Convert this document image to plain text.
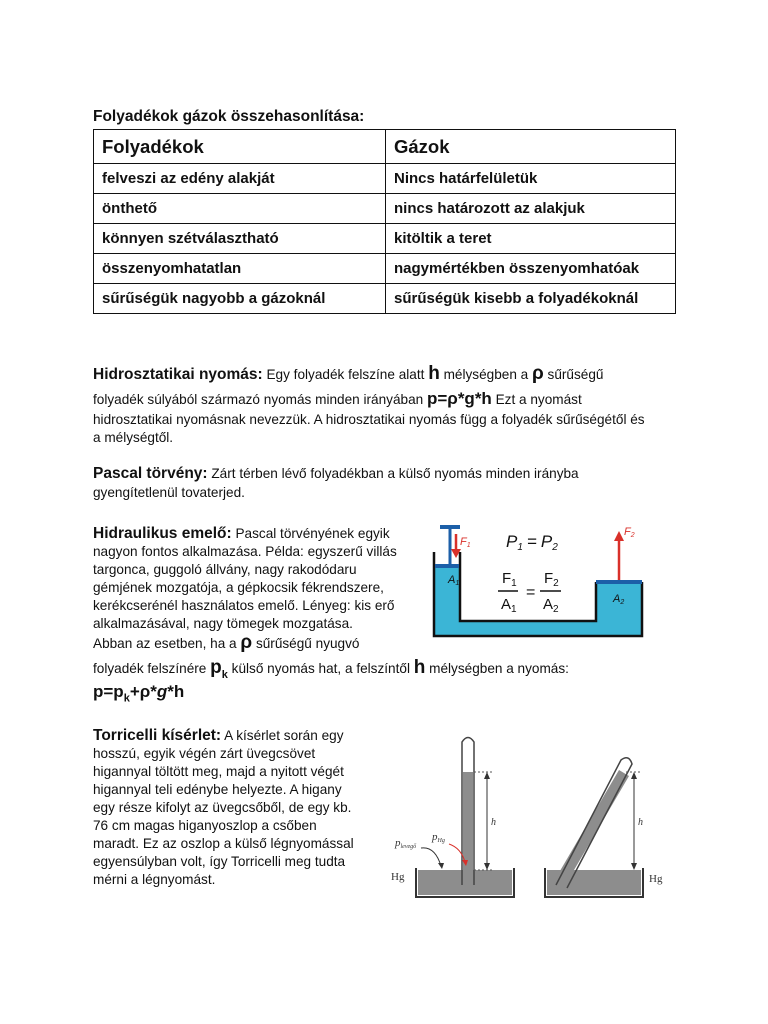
Folyadékok gázok összehasonlítása:
Folyadékok	Gázok
felveszi az edény alakját	Nincs határfelületük
önthető	nincs határozott az alakjuk
könnyen szétválasztható	kitöltik a teret
összenyomhatatlan	nagymértékben összenyomhatóak
sűrűségük nagyobb a gázoknál	sűrűségük kisebb a folyadékoknál
Hidrosztatikai nyomás: Egy folyadék felszíne alatt h mélységben a ρ sűrűségű
folyadék súlyából származó nyomás minden irányában p=ρ*g*h Ezt a nyomást
hidrosztatikai nyomásnak nevezzük. A hidrosztatikai nyomás függ a folyadék sűrűségétől és
a mélységtől.
Pascal törvény: Zárt térben lévő folyadékban a külső nyomás minden irányba
gyengítetlenül tovaterjed.
Hidraulikus emelő: Pascal törvényének egyik
nagyon fontos alkalmazása. Példa: egyszerű villás
targonca, guggoló állvány, nagy rakodódaru
gémjének mozgatója, a gépkocsik fékrendszere,
kerékcserénél használatos emelő. Lényeg: kis erő
alkalmazásával, nagy tömegek mozgatása.
Abban az esetben, ha a ρ sűrűségű nyugvó
folyadék felszínére $p_k$ külső nyomás hat, a felszíntől h mélységben a nyomás:
$p=p_k+\rho*g*h$
F1
F2
A1
A2
P1 = P2
$F_1$
$A_1$
=
$F_2$
$A_2$
Torricelli kísérlet: A kísérlet során egy
hosszú, egyik végén zárt üvegcsövet
higannyal töltött meg, majd a nyitott végét
higannyal teli edénybe helyezte. A higany
egy része kifolyt az üvegcsőből, de egy kb.
76 cm magas higanyoszlop a csőben
maradt. Ez az oszlop a külső légnyomással
egyensúlyban volt, így Torricelli meg tudta
mérni a légnyomást.
h
plevegő
pHg
Hg
h
Hg
